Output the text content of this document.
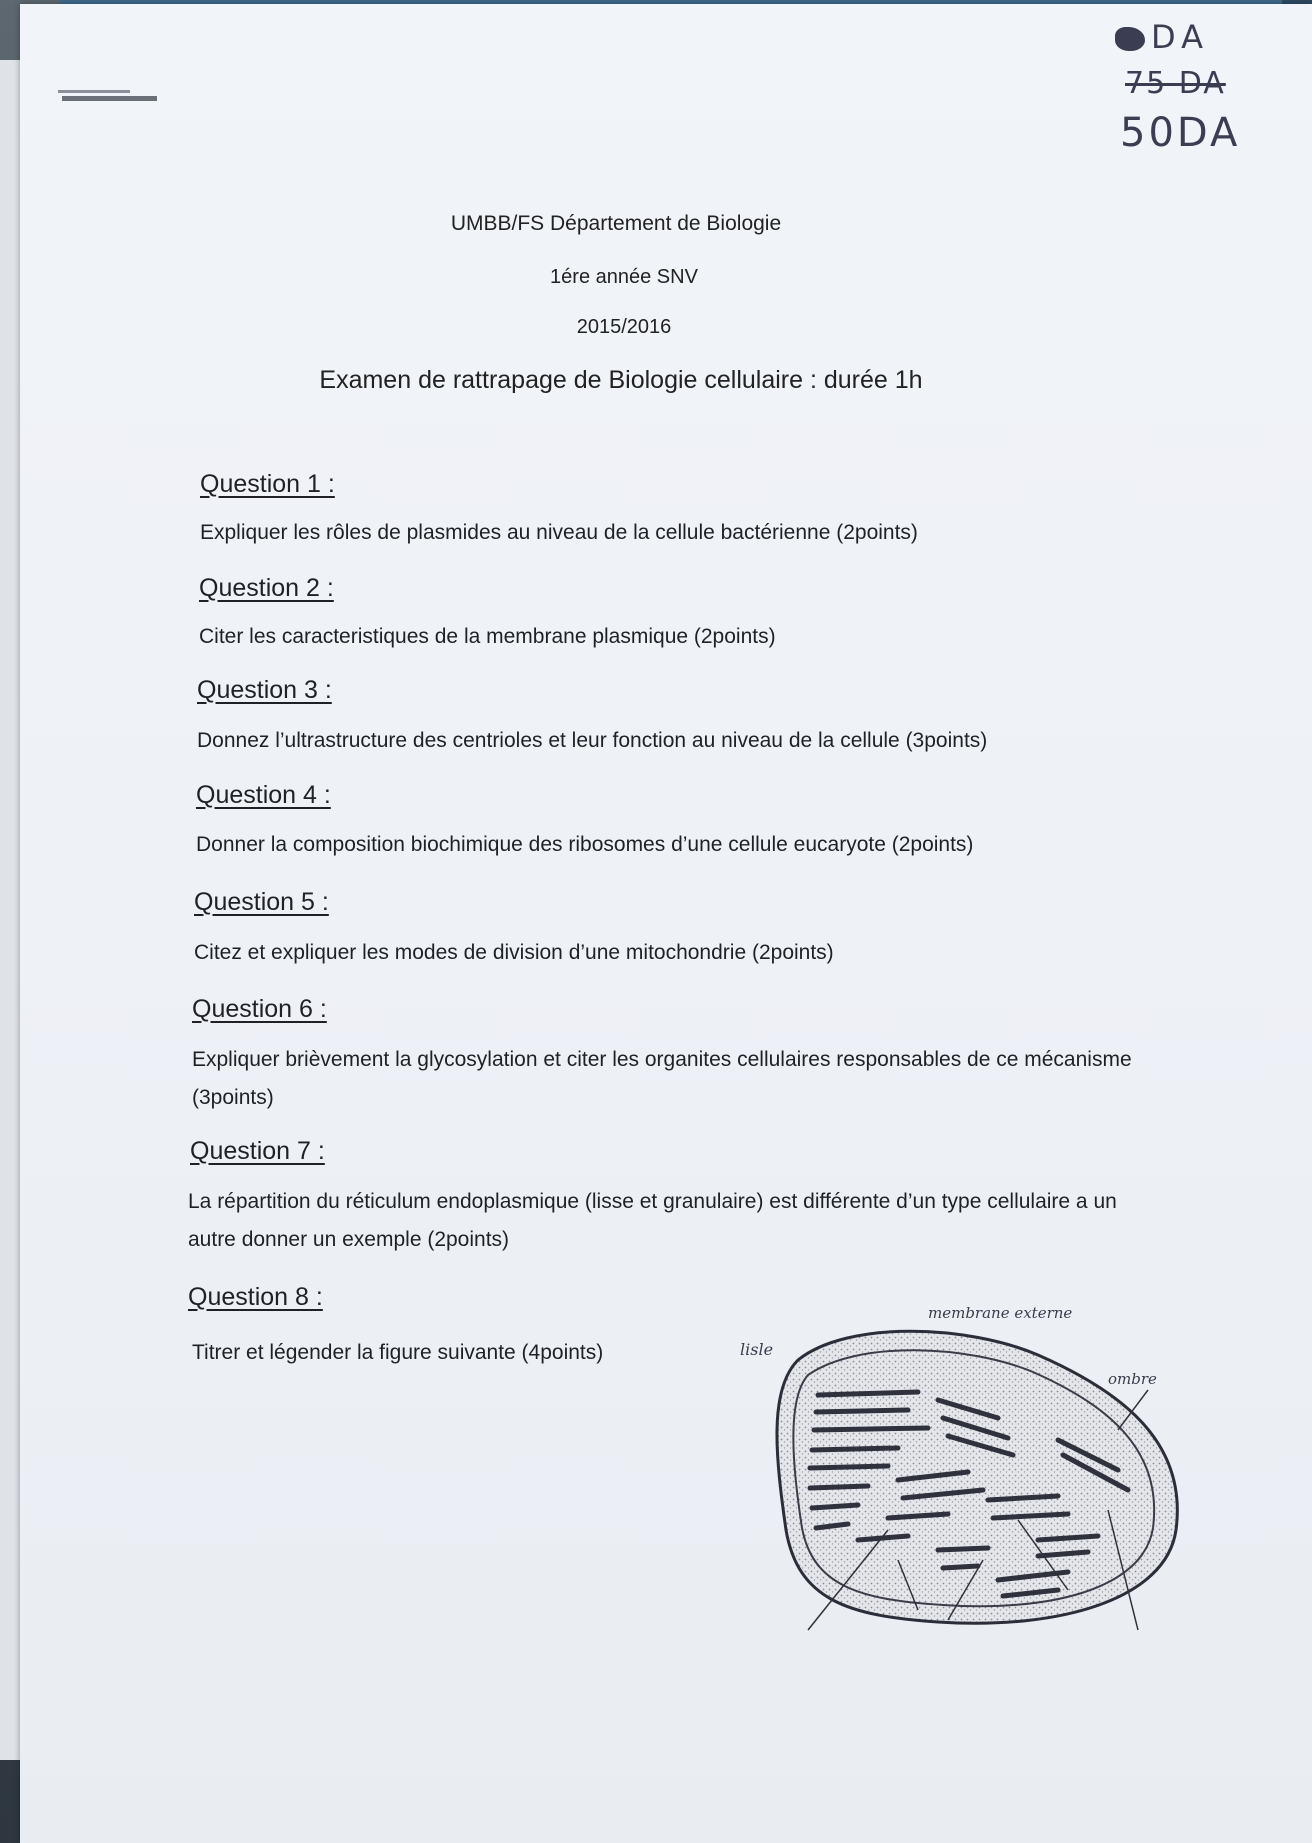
DA
75 DA
50DA
UMBB/FS Département de Biologie
1ére année SNV
2015/2016
Examen de rattrapage de Biologie cellulaire : durée 1h
Question 1 :
Expliquer les rôles de plasmides au niveau de la cellule bactérienne (2points)
Question 2 :
Citer les caracteristiques de la membrane plasmique (2points)
Question 3 :
Donnez l’ultrastructure des centrioles et leur fonction au niveau de la cellule (3points)
Question 4 :
Donner la composition biochimique des ribosomes d’une cellule eucaryote (2points)
Question 5 :
Citez et expliquer les modes de division d’une mitochondrie (2points)
Question 6 :
Expliquer brièvement la glycosylation et citer les organites cellulaires responsables de ce mécanisme (3points)
Question 7 :
La répartition du réticulum endoplasmique (lisse et granulaire) est différente d’un type cellulaire a un autre donner un exemple (2points)
Question 8 :
Titrer et légender la figure suivante (4points)
membrane externe
lisle
ombre
